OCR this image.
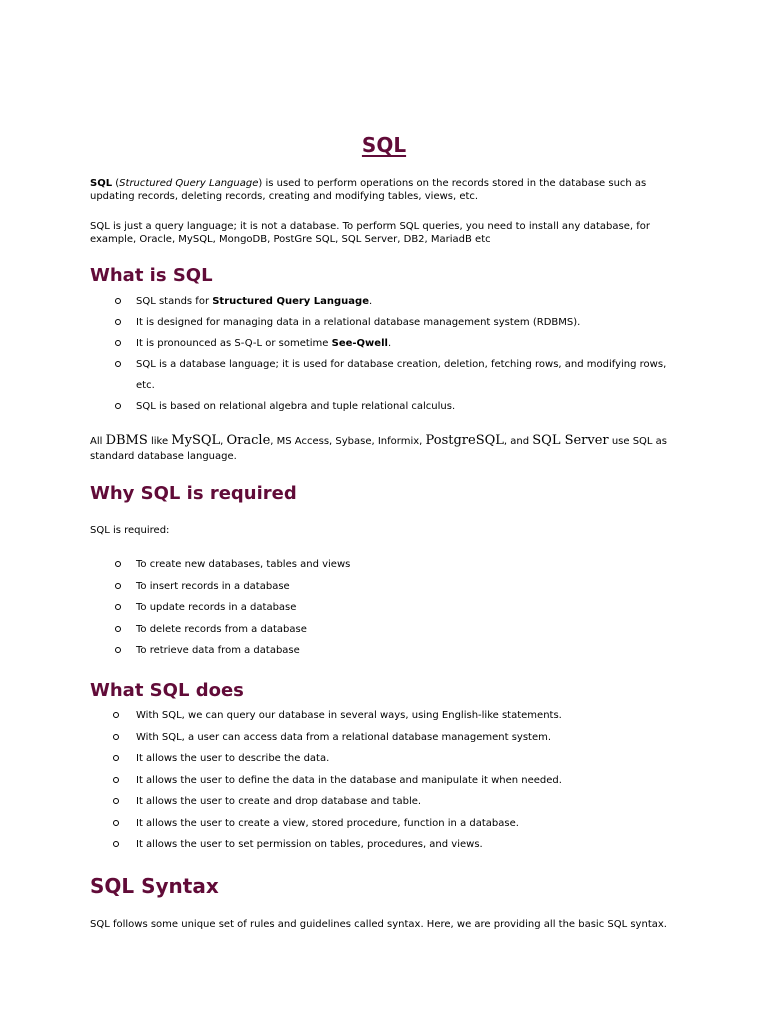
SQL

SQL (Structured Query Language) is used to perform operations on the records stored in the database such as updating records, deleting records, creating and modifying tables, views, etc.

SQL is just a query language; it is not a database. To perform SQL queries, you need to install any database, for example, Oracle, MySQL, MongoDB, PostGre SQL, SQL Server, DB2, MariadB etc

What is SQL
SQL stands for Structured Query Language.
It is designed for managing data in a relational database management system (RDBMS).
It is pronounced as S-Q-L or sometime See-Qwell.
SQL is a database language; it is used for database creation, deletion, fetching rows, and modifying rows, etc.
SQL is based on relational algebra and tuple relational calculus.

All DBMS like MySQL, Oracle, MS Access, Sybase, Informix, PostgreSQL, and SQL Server use SQL as standard database language.

Why SQL is required

SQL is required:

To create new databases, tables and views
To insert records in a database
To update records in a database
To delete records from a database
To retrieve data from a database
What SQL does
With SQL, we can query our database in several ways, using English-like statements.
With SQL, a user can access data from a relational database management system.
It allows the user to describe the data.
It allows the user to define the data in the database and manipulate it when needed.
It allows the user to create and drop database and table.
It allows the user to create a view, stored procedure, function in a database.
It allows the user to set permission on tables, procedures, and views.
SQL Syntax

SQL follows some unique set of rules and guidelines called syntax. Here, we are providing all the basic SQL syntax.
